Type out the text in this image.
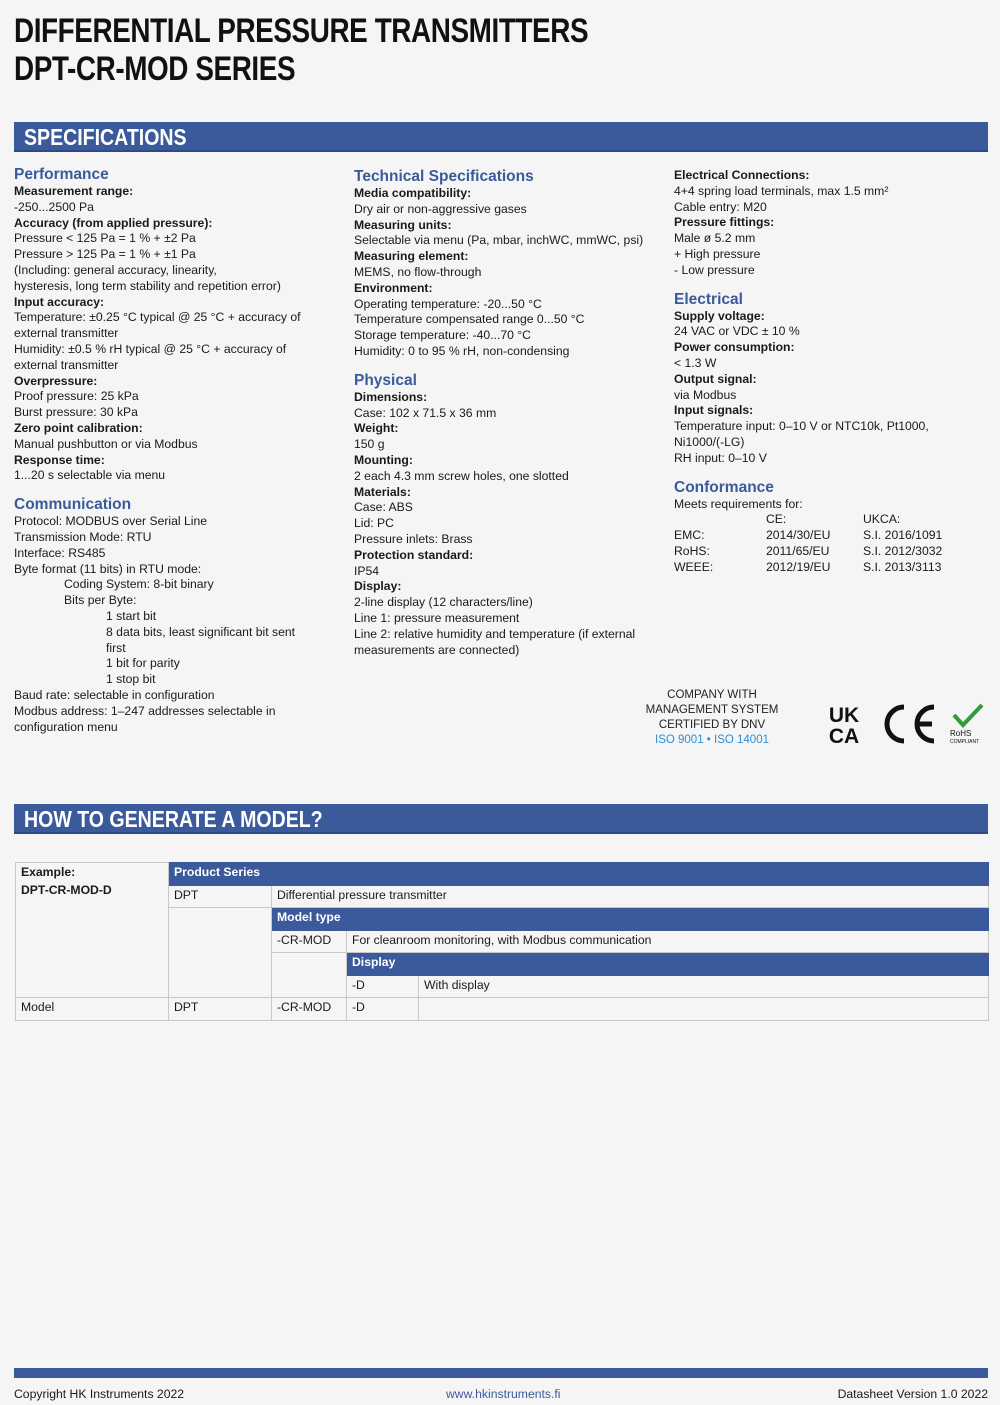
DIFFERENTIAL PRESSURE TRANSMITTERS
DPT-CR-MOD SERIES
SPECIFICATIONS
Performance
Measurement range:
-250...2500 Pa
Accuracy (from applied pressure):
Pressure < 125 Pa = 1 % + ±2 Pa
Pressure > 125 Pa = 1 % + ±1 Pa
(Including: general accuracy, linearity,
hysteresis, long term stability and repetition error)
Input accuracy:
Temperature: ±0.25 °C typical @ 25 °C + accuracy of
external transmitter
Humidity: ±0.5 % rH typical @ 25 °C + accuracy of
external transmitter
Overpressure:
Proof pressure: 25 kPa
Burst pressure: 30 kPa
Zero point calibration:
Manual pushbutton or via Modbus
Response time:
1...20 s selectable via menu
Communication
Protocol: MODBUS over Serial Line
Transmission Mode: RTU
Interface: RS485
Byte format (11 bits) in RTU mode:
Coding System: 8-bit binary
Bits per Byte:
1 start bit
8 data bits, least significant bit sent
first
1 bit for parity
1 stop bit
Baud rate: selectable in configuration
Modbus address: 1–247 addresses selectable in
configuration menu
Technical Specifications
Media compatibility:
Dry air or non-aggressive gases
Measuring units:
Selectable via menu (Pa, mbar, inchWC, mmWC, psi)
Measuring element:
MEMS, no flow-through
Environment:
Operating temperature: -20...50 °C
Temperature compensated range 0...50 °C
Storage temperature: -40...70 °C
Humidity: 0 to 95 % rH, non-condensing
Physical
Dimensions:
Case: 102 x 71.5 x 36 mm
Weight:
150 g
Mounting:
2 each 4.3 mm screw holes, one slotted
Materials:
Case: ABS
Lid: PC
Pressure inlets: Brass
Protection standard:
IP54
Display:
2-line display (12 characters/line)
Line 1: pressure measurement
Line 2: relative humidity and temperature (if external
measurements are connected)
Electrical Connections:
4+4 spring load terminals, max 1.5 mm²
Cable entry: M20
Pressure fittings:
Male ø 5.2 mm
+ High pressure
- Low pressure
Electrical
Supply voltage:
24 VAC or VDC ± 10 %
Power consumption:
< 1.3 W
Output signal:
via Modbus
Input signals:
Temperature input: 0–10 V or NTC10k, Pt1000,
Ni1000/(-LG)
RH input: 0–10 V
Conformance
Meets requirements for:
	CE:	UKCA:
EMC:	2014/30/EU	S.I. 2016/1091
RoHS:	2011/65/EU	S.I. 2012/3032
WEEE:	2012/19/EU	S.I. 2013/3113
COMPANY WITH
MANAGEMENT SYSTEM
CERTIFIED BY DNV
ISO 9001 • ISO 14001
UK
CA	RoHS
COMPLIANT
HOW TO GENERATE A MODEL?
Example:
DPT-CR-MOD-D	Product Series			
	DPT	Differential pressure transmitter		
		Model type		
		-CR-MOD	For cleanroom monitoring, with Modbus communication	
			Display	
			-D	With display
Model	DPT	-CR-MOD	-D	
Copyright HK Instruments 2022	www.hkinstruments.fi	Datasheet Version 1.0 2022
